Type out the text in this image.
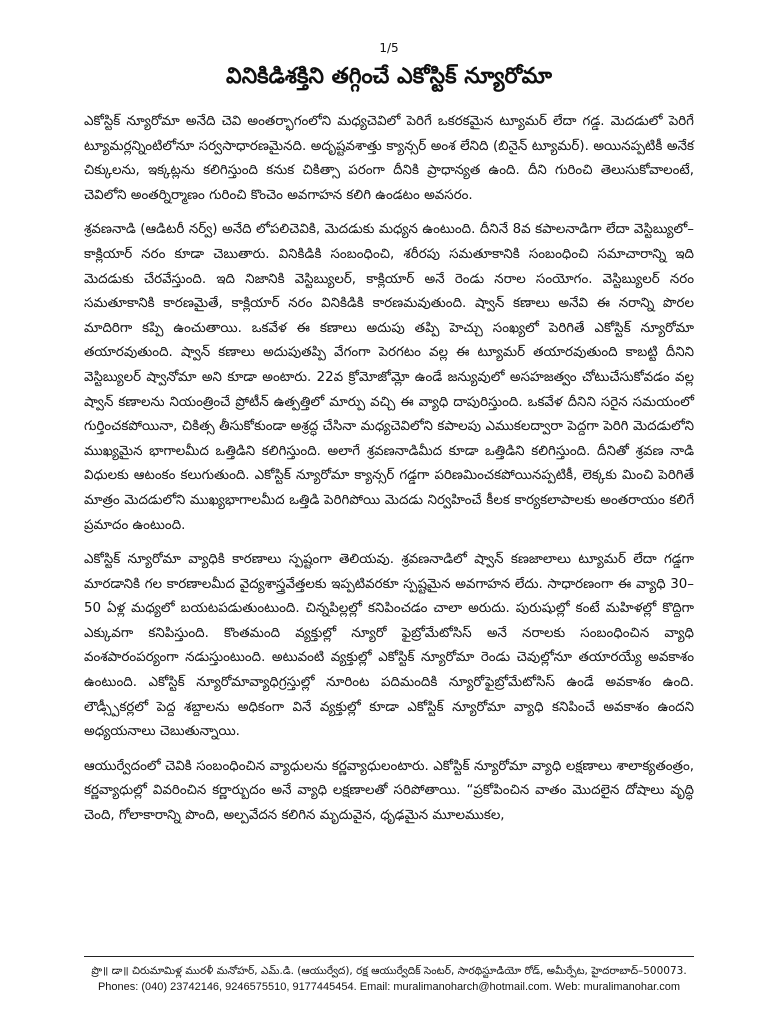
1/5
వినికిడిశక్తిని తగ్గించే ఎకోస్టిక్ న్యూరోమా

ఎకోస్టిక్ న్యూరోమా అనేది చెవి అంతర్భాగంలోని మధ్యచెవిలో పెరిగే ఒకరకమైన ట్యూమర్ లేదా గడ్డ. మెదడులో పెరిగే ట్యూమర్లన్నింటిలోనూ సర్వసాధారణమైనది. అదృష్టవశాత్తు క్యాన్సర్ అంశ లేనిది (బినైన్ ట్యూమర్). అయినప్పటికీ అనేక చిక్కులను, ఇక్కట్లను కలిగిస్తుంది కనుక చికిత్సా పరంగా దీనికి ప్రాధాన్యత ఉంది. దీని గురించి తెలుసుకోవాలంటే, చెవిలోని అంతర్నిర్మాణం గురించి కొంచెం అవగాహన కలిగి ఉండటం అవసరం.

శ్రవణనాడి (ఆడిటరీ నర్వ్) అనేది లోపలిచెవికి, మెదడుకు మధ్యన ఉంటుంది. దీనినే 8వ కపాలనాడిగా లేదా వెస్టిబ్యులో–కాక్లియార్ నరం కూడా చెబుతారు. వినికిడికి సంబంధించి, శరీరపు సమతూకానికి సంబంధించి సమాచారాన్ని ఇది మెదడుకు చేరవేస్తుంది. ఇది నిజానికి వెస్టిబ్యులర్, కాక్లియార్ అనే రెండు నరాల సంయోగం. వెస్టిబ్యులర్ నరం సమతూకానికి కారణమైతే, కాక్లియార్ నరం వినికిడికి కారణమవుతుంది. ష్వాన్ కణాలు అనేవి ఈ నరాన్ని పొరల మాదిరిగా కప్పి ఉంచుతాయి. ఒకవేళ ఈ కణాలు అదుపు తప్పి హెచ్చు సంఖ్యలో పెరిగితే ఎకోస్టిక్ న్యూరోమా తయారవుతుంది. ష్వాన్ కణాలు అదుపుతప్పి వేగంగా పెరగటం వల్ల ఈ ట్యూమర్ తయారవుతుంది కాబట్టి దీనిని వెస్టిబ్యులర్ ష్వానోమా అని కూడా అంటారు. 22వ క్రోమోజోమ్లో ఉండే జన్యువులో అసహజత్వం చోటుచేసుకోవడం వల్ల ష్వాన్ కణాలను నియంత్రించే ప్రోటీన్ ఉత్పత్తిలో మార్పు వచ్చి ఈ వ్యాధి దాపురిస్తుంది. ఒకవేళ దీనిని సరైన సమయంలో గుర్తించకపోయినా, చికిత్స తీసుకోకుండా అశ్రద్ధ చేసినా మధ్యచెవిలోని కపాలపు ఎముకలద్వారా పెద్దగా పెరిగి మెదడులోని ముఖ్యమైన భాగాలమీద ఒత్తిడిని కలిగిస్తుంది. అలాగే శ్రవణనాడిమీద కూడా ఒత్తిడిని కలిగిస్తుంది. దీనితో శ్రవణ నాడి విధులకు ఆటంకం కలుగుతుంది. ఎకోస్టిక్ న్యూరోమా క్యాన్సర్ గడ్డగా పరిణమించకపోయినప్పటికీ, లెక్కకు మించి పెరిగితే మాత్రం మెదడులోని ముఖ్యభాగాలమీద ఒత్తిడి పెరిగిపోయి మెదడు నిర్వహించే కీలక కార్యకలాపాలకు అంతరాయం కలిగే ప్రమాదం ఉంటుంది.

ఎకోస్టిక్ న్యూరోమా వ్యాధికి కారణాలు స్పష్టంగా తెలియవు. శ్రవణనాడిలో ష్వాన్ కణజాలాలు ట్యూమర్ లేదా గడ్డగా మారడానికి గల కారణాలమీద వైద్యశాస్త్రవేత్తలకు ఇప్పటివరకూ స్పష్టమైన అవగాహన లేదు. సాధారణంగా ఈ వ్యాధి 30–50 ఏళ్ల మధ్యలో బయటపడుతుంటుంది. చిన్నపిల్లల్లో కనిపించడం చాలా అరుదు. పురుషుల్లో కంటే మహిళల్లో కొద్దిగా ఎక్కువగా కనిపిస్తుంది. కొంతమంది వ్యక్తుల్లో న్యూరో ఫైబ్రోమేటోసిస్ అనే నరాలకు సంబంధించిన వ్యాధి వంశపారంపర్యంగా నడుస్తుంటుంది. అటువంటి వ్యక్తుల్లో ఎకోస్టిక్ న్యూరోమా రెండు చెవుల్లోనూ తయారయ్యే అవకాశం ఉంటుంది. ఎకోస్టిక్ న్యూరోమావ్యాధిగ్రస్తుల్లో నూరింట పదిమందికి న్యూరోఫైబ్రోమేటోసిస్ ఉండే అవకాశం ఉంది. లౌడ్స్పీకర్లలో పెద్ద శబ్దాలను అధికంగా వినే వ్యక్తుల్లో కూడా ఎకోస్టిక్ న్యూరోమా వ్యాధి కనిపించే అవకాశం ఉందని అధ్యయనాలు చెబుతున్నాయి.

ఆయుర్వేదంలో చెవికి సంబంధించిన వ్యాధులను కర్ణవ్యాధులంటారు. ఎకోస్టిక్ న్యూరోమా వ్యాధి లక్షణాలు శాలాక్యతంత్రం, కర్ణవ్యాధుల్లో వివరించిన కర్ణార్బుదం అనే వ్యాధి లక్షణాలతో సరిపోతాయి. “ప్రకోపించిన వాతం మొదలైన దోషాలు వృద్ధి చెంది, గోలాకారాన్ని పొంది, అల్పవేదన కలిగిన మృదువైన, ధృఢమైన మూలముకల,

ప్రొ॥ డా॥ చిరుమామిళ్ల మురళీ మనోహర్, ఎమ్.డి. (ఆయుర్వేద), రక్ష ఆయుర్వేదిక్ సెంటర్, సారథిస్టూడియో రోడ్, అమీర్పేట, హైదరాబాద్–500073.
Phones: (040) 23742146, 9246575510, 9177445454. Email: muralimanoharch@hotmail.com. Web: muralimanohar.com
